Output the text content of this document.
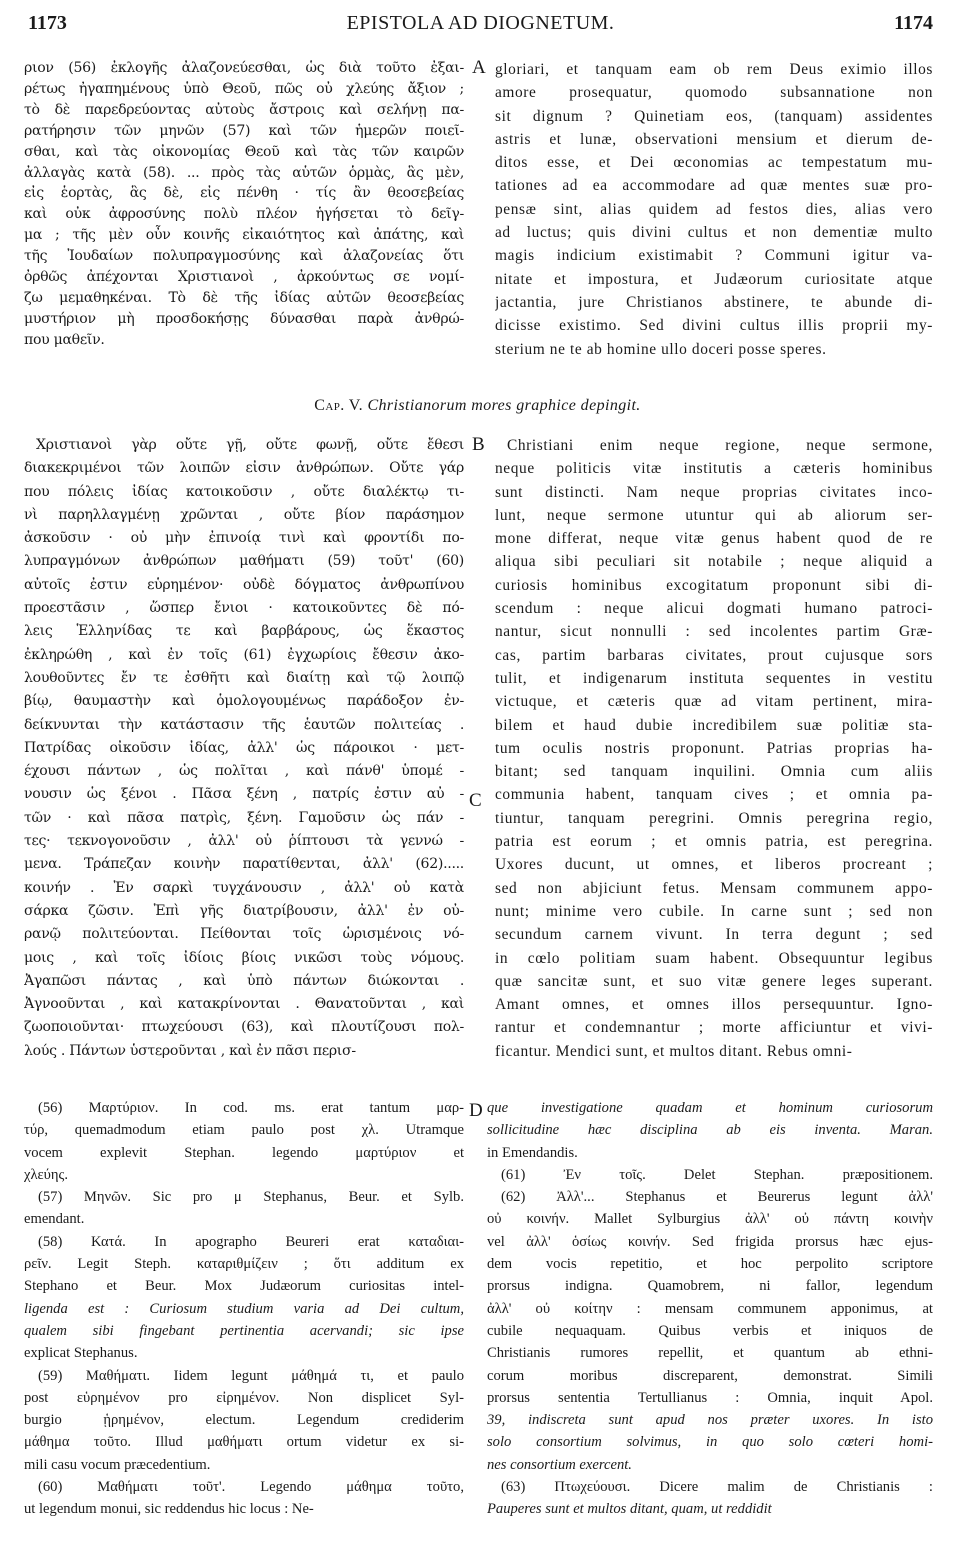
1173	EPISTOLA AD DIOGNETUM.	1174
A
B
C
D
ριον (56) ἐκλογῆς ἀλαζονεύεσθαι, ὡς διὰ τοῦτο ἐξαι-
ρέτως ἠγαπημένους ὑπὸ Θεοῦ, πῶς οὐ χλεύης ἄξιον ;
τὸ δὲ παρεδρεύοντας αὐτοὺς ἄστροις καὶ σελήνῃ πα-
ρατήρησιν τῶν μηνῶν (57) καὶ τῶν ἡμερῶν ποιεῖ-
σθαι, καὶ τὰς οἰκονομίας Θεοῦ καὶ τὰς τῶν καιρῶν
ἀλλαγὰς κατὰ (58). ... πρὸς τὰς αὑτῶν ὁρμὰς, ἃς μὲν,
εἰς ἑορτὰς, ἃς δὲ, εἰς πένθη · τίς ἂν θεοσεβείας
καὶ οὐκ ἀφροσύνης πολὺ πλέον ἡγήσεται τὸ δεῖγ-
μα ; τῆς μὲν οὖν κοινῆς εἰκαιότητος καὶ ἀπάτης, καὶ
τῆς Ἰουδαίων πολυπραγμοσύνης καὶ ἀλαζονείας ὅτι
ὀρθῶς ἀπέχονται Χριστιανοὶ , ἀρκούντως σε νομί-
ζω μεμαθηκέναι. Τὸ δὲ τῆς ἰδίας αὐτῶν θεοσεβείας
μυστήριον μὴ προσδοκήσῃς δύνασθαι παρὰ ἀνθρώ-
που μαθεῖν.
gloriari, et tanquam eam ob rem Deus eximio illos
amore prosequatur, quomodo subsannatione non
sit dignum ? Quinetiam eos, (tanquam) assidentes
astris et lunæ, observationi mensium et dierum de-
ditos esse, et Dei œconomias ac tempestatum mu-
tationes ad ea accommodare ad quæ mentes suæ pro-
pensæ sint, alias quidem ad festos dies, alias vero
ad luctus; quis divini cultus et non dementiæ multo
magis indicium existimabit ? Communi igitur va-
nitate et impostura, et Judæorum curiositate atque
jactantia, jure Christianos abstinere, te abunde di-
dicisse existimo. Sed divini cultus illis proprii my-
sterium ne te ab homine ullo doceri posse speres.
Cap. V. Christianorum mores graphice depingit.
Χριστιανοὶ γὰρ οὔτε γῇ, οὔτε φωνῇ, οὔτε ἔθεσι
διακεκριμένοι τῶν λοιπῶν εἰσιν ἀνθρώπων. Οὔτε γάρ
που πόλεις ἰδίας κατοικοῦσιν , οὔτε διαλέκτῳ τι-
νὶ παρηλλαγμένῃ χρῶνται , οὔτε βίον παράσημον
ἀσκοῦσιν · οὐ μὴν ἐπινοίᾳ τινὶ καὶ φροντίδι πο-
λυπραγμόνων ἀνθρώπων μαθήματι (59) τοῦτ' (60)
αὐτοῖς ἐστιν εὑρημένον· οὐδὲ δόγματος ἀνθρωπίνου
προεστᾶσιν , ὥσπερ ἔνιοι · κατοικοῦντες δὲ πό-
λεις Ἑλληνίδας τε καὶ βαρβάρους, ὡς ἕκαστος
ἐκληρώθη , καὶ ἐν τοῖς (61) ἐγχωρίοις ἔθεσιν ἀκο-
λουθοῦντες ἔν τε ἐσθῆτι καὶ διαίτῃ καὶ τῷ λοιπῷ
βίῳ, θαυμαστὴν καὶ ὁμολογουμένως παράδοξον ἐν-
δείκνυνται τὴν κατάστασιν τῆς ἑαυτῶν πολιτείας .
Πατρίδας οἰκοῦσιν ἰδίας, ἀλλ' ὡς πάροικοι · μετ-
έχουσι πάντων , ὡς πολῖται , καὶ πάνθ' ὑπομέ -
νουσιν ὡς ξένοι . Πᾶσα ξένη , πατρίς ἐστιν αὐ -
τῶν · καὶ πᾶσα πατρὶς, ξένη. Γαμοῦσιν ὡς πάν -
τες· τεκνογονοῦσιν , ἀλλ' οὐ ῥίπτουσι τὰ γεννώ -
μενα. Τράπεζαν κοινὴν παρατίθενται, ἀλλ' (62).....
κοινήν . Ἐν σαρκὶ τυγχάνουσιν , ἀλλ' οὐ κατὰ
σάρκα ζῶσιν. Ἐπὶ γῆς διατρίβουσιν, ἀλλ' ἐν οὐ-
ρανῷ πολιτεύονται. Πείθονται τοῖς ὡρισμένοις νό-
μοις , καὶ τοῖς ἰδίοις βίοις νικῶσι τοὺς νόμους.
Ἀγαπῶσι πάντας , καὶ ὑπὸ πάντων διώκονται .
Ἀγνοοῦνται , καὶ κατακρίνονται . Θανατοῦνται , καὶ
ζωοποιοῦνται· πτωχεύουσι (63), καὶ πλουτίζουσι πολ-
λούς . Πάντων ὑστεροῦνται , καὶ ἐν πᾶσι περισ-
Christiani enim neque regione, neque sermone,
neque politicis vitæ institutis a cæteris hominibus
sunt distincti. Nam neque proprias civitates inco-
lunt, neque sermone utuntur qui ab aliorum ser-
mone differat, neque vitæ genus habent quod de re
aliqua sibi peculiari sit notabile ; neque aliquid a
curiosis hominibus excogitatum proponunt sibi di-
scendum : neque alicui dogmati humano patroci-
nantur, sicut nonnulli : sed incolentes partim Græ-
cas, partim barbaras civitates, prout cujusque sors
tulit, et indigenarum instituta sequentes in vestitu
victuque, et cæteris quæ ad vitam pertinent, mira-
bilem et haud dubie incredibilem suæ politiæ sta-
tum oculis nostris proponunt. Patrias proprias ha-
bitant; sed tanquam inquilini. Omnia cum aliis
communia habent, tanquam cives ; et omnia pa-
tiuntur, tanquam peregrini. Omnis peregrina regio,
patria est eorum ; et omnis patria, est peregrina.
Uxores ducunt, ut omnes, et liberos procreant ;
sed non abjiciunt fetus. Mensam communem appo-
nunt; minime vero cubile. In carne sunt ; sed non
secundum carnem vivunt. In terra degunt ; sed
in cœlo politiam suam habent. Obsequuntur legibus
quæ sancitæ sunt, et suo vitæ genere leges superant.
Amant omnes, et omnes illos persequuntur. Igno-
rantur et condemnantur ; morte afficiuntur et vivi-
ficantur. Mendici sunt, et multos ditant. Rebus omni-
(56) Μαρτύριον. In cod. ms. erat tantum μαρ-
τύρ, quemadmodum etiam paulo post χλ. Utramque
vocem explevit Stephan. legendo μαρτύριον et
χλεύης.
(57) Μηνῶν. Sic pro μ Stephanus, Beur. et Sylb.
emendant.
(58) Κατά. In apographo Beureri erat καταδιαι-
ρεῖν. Legit Steph. καταριθμίζειν ; ὅτι additum ex
Stephano et Beur. Mox Judæorum curiositas intel-
ligenda est : Curiosum studium varia ad Dei cultum,
qualem sibi fingebant pertinentia acervandi; sic ipse
explicat Stephanus.
(59) Μαθήματι. Iidem legunt μάθημά τι, et paulo
post εὑρημένον pro εἰρημένον. Non displicet Syl-
burgio ᾑρημένον, electum. Legendum crediderim
μάθημα τοῦτο. Illud μαθήματι ortum videtur ex si-
mili casu vocum præcedentium.
(60) Μαθήματι τοῦτ'. Legendo μάθημα τοῦτο,
ut legendum monui, sic reddendus hic locus : Ne-
que investigatione quadam et hominum curiosorum
sollicitudine hæc disciplina ab eis inventa. Maran.
in Emendandis.
(61) Ἐν τοῖς. Delet Stephan. præpositionem.
(62) Ἀλλ'... Stephanus et Beurerus legunt ἀλλ'
οὐ κοινήν. Mallet Sylburgius ἀλλ' οὐ πάντη κοινὴν
vel ἀλλ' ὁσίως κοινήν. Sed frigida prorsus hæc ejus-
dem vocis repetitio, et hoc perpolito scriptore
prorsus indigna. Quamobrem, ni fallor, legendum
ἀλλ' οὐ κοίτην : mensam communem apponimus, at
cubile nequaquam. Quibus verbis et iniquos de
Christianis rumores repellit, et quantum ab ethni-
corum moribus discreparent, demonstrat. Simili
prorsus sententia Tertullianus : Omnia, inquit Apol.
39, indiscreta sunt apud nos præter uxores. In isto
solo consortium solvimus, in quo solo cœteri homi-
nes consortium exercent.
(63) Πτωχεύουσι. Dicere malim de Christianis :
Pauperes sunt et multos ditant, quam, ut reddidit
